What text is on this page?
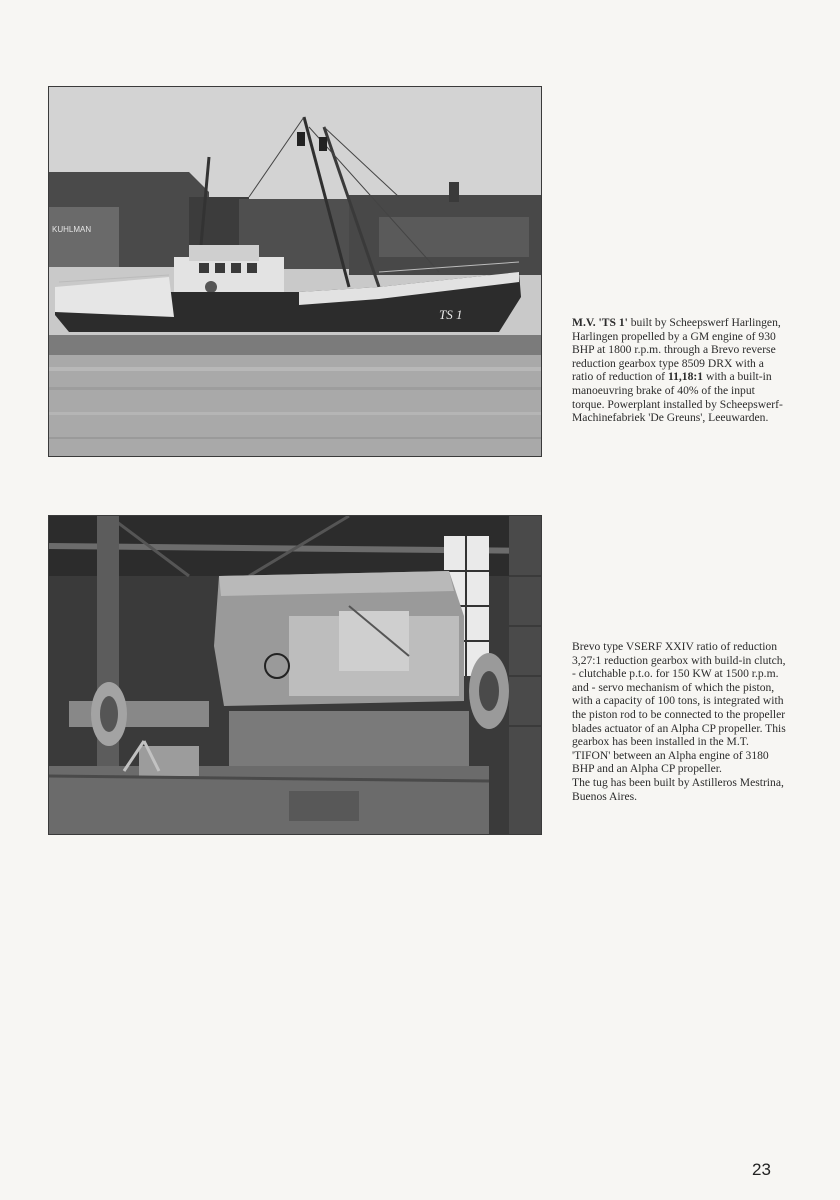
KUHLMAN
TS 1
M.V. 'TS 1' built by Scheepswerf Harlingen, Harlingen propelled by a GM engine of 930 BHP at 1800 r.p.m. through a Brevo reverse reduction gearbox type 8509 DRX with a ratio of reduction of 11,18:1 with a built-in manoeuvring brake of 40% of the input torque. Powerplant installed by Scheepswerf-Machinefabriek 'De Greuns', Leeuwarden.
Brevo type VSERF XXIV ratio of reduction 3,27:1 reduction gearbox with build-in clutch, - clutchable p.t.o. for 150 KW at 1500 r.p.m. and - servo mechanism of which the piston, with a capacity of 100 tons, is integrated with the piston rod to be connected to the propeller blades actuator of an Alpha CP propeller. This gearbox has been installed in the M.T. 'TIFON' between an Alpha engine of 3180 BHP and an Alpha CP propeller.
The tug has been built by Astilleros Mestrina, Buenos Aires.
23
